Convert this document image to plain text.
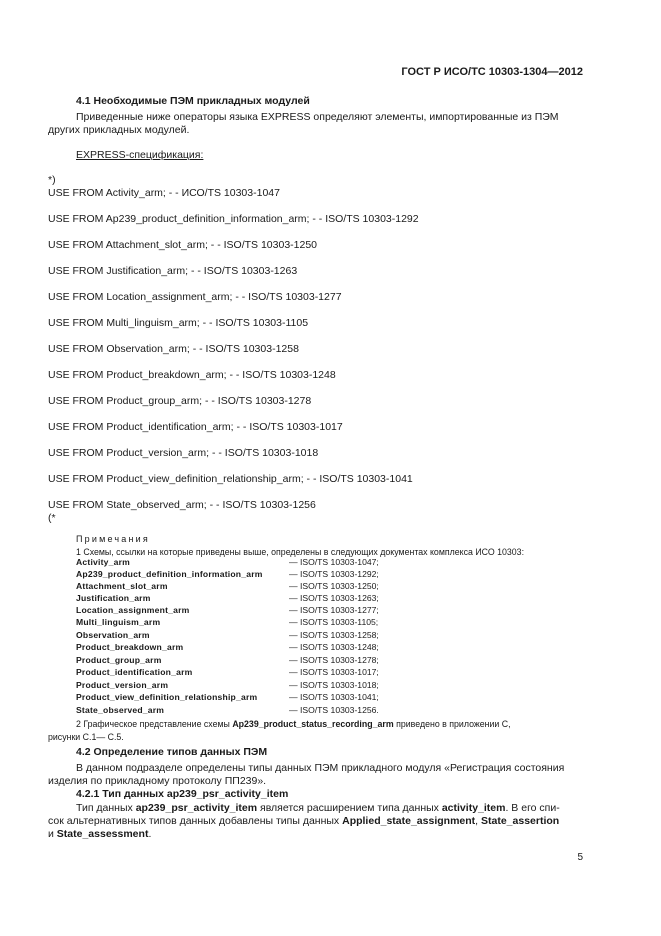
ГОСТ Р ИСО/ТС 10303-1304—2012
4.1 Необходимые ПЭМ прикладных модулей
Приведенные ниже операторы языка EXPRESS определяют элементы, импортированные из ПЭМ
других прикладных модулей.
EXPRESS-спецификация:
*)
USE FROM Activity_arm; - - ИСО/TS 10303-1047
USE FROM Ap239_product_definition_information_arm; - - ISO/TS 10303-1292
USE FROM Attachment_slot_arm; - - ISO/TS 10303-1250
USE FROM Justification_arm; - - ISO/TS 10303-1263
USE FROM Location_assignment_arm; - - ISO/TS 10303-1277
USE FROM Multi_linguism_arm; - - ISO/TS 10303-1105
USE FROM Observation_arm; - - ISO/TS 10303-1258
USE FROM Product_breakdown_arm; - - ISO/TS 10303-1248
USE FROM Product_group_arm; - - ISO/TS 10303-1278
USE FROM Product_identification_arm; - - ISO/TS 10303-1017
USE FROM Product_version_arm; - - ISO/TS 10303-1018
USE FROM Product_view_definition_relationship_arm; - - ISO/TS 10303-1041
USE FROM State_observed_arm; - - ISO/TS 10303-1256
(*
Примечания
1 Схемы, ссылки на которые приведены выше, определены в следующих документах комплекса ИСО 10303:
Activity_arm	— ISO/TS 10303-1047;
Ap239_product_definition_information_arm	— ISO/TS 10303-1292;
Attachment_slot_arm	— ISO/TS 10303-1250;
Justification_arm	— ISO/TS 10303-1263;
Location_assignment_arm	— ISO/TS 10303-1277;
Multi_linguism_arm	— ISO/TS 10303-1105;
Observation_arm	— ISO/TS 10303-1258;
Product_breakdown_arm	— ISO/TS 10303-1248;
Product_group_arm	— ISO/TS 10303-1278;
Product_identification_arm	— ISO/TS 10303-1017;
Product_version_arm	— ISO/TS 10303-1018;
Product_view_definition_relationship_arm	— ISO/TS 10303-1041;
State_observed_arm	— ISO/TS 10303-1256.
2 Графическое представление схемы Ap239_product_status_recording_arm приведено в приложении С,
рисунки С.1— С.5.
4.2 Определение типов данных ПЭМ
В данном подразделе определены типы данных ПЭМ прикладного модуля «Регистрация состояния
изделия по прикладному протоколу ПП239».
4.2.1 Тип данных ap239_psr_activity_item
Тип данных ap239_psr_activity_item является расширением типа данных activity_item. В его спи-
сок альтернативных типов данных добавлены типы данных Applied_state_assignment, State_assertion
и State_assessment.
5
